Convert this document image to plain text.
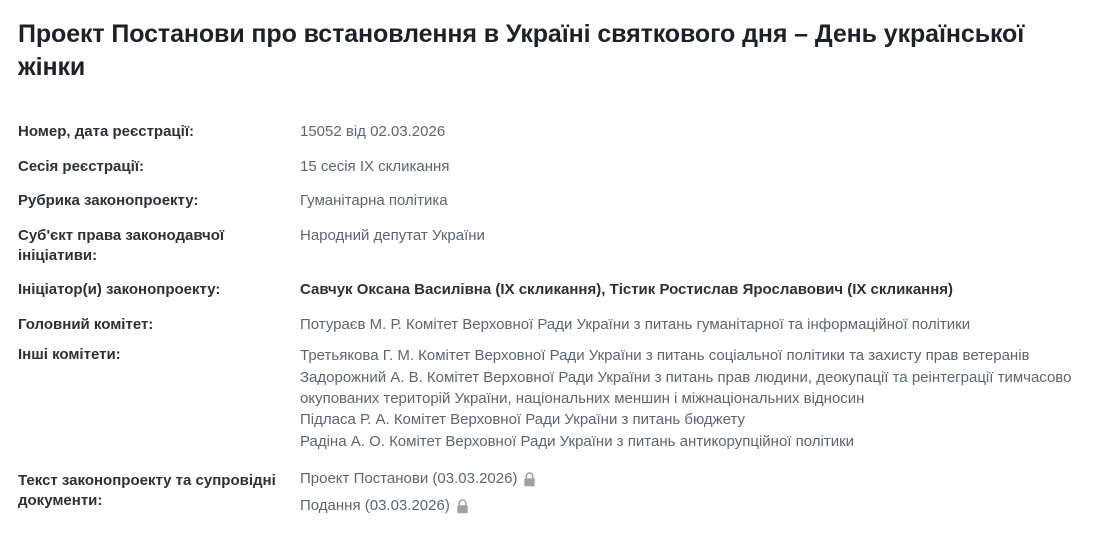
Проект Постанови про встановлення в Україні святкового дня – День української жінки
Номер, дата реєстрації:	15052 від 02.03.2026
Сесія реєстрації:	15 сесія IX скликання
Рубрика законопроекту:	Гуманітарна політика
Суб'єкт права законодавчої ініціативи:	Народний депутат України
Ініціатор(и) законопроекту:	Савчук Оксана Василівна (IX скликання), Тістик Ростислав Ярославович (IX скликання)
Головний комітет:	Потураєв М. Р. Комітет Верховної Ради України з питань гуманітарної та інформаційної політики
Інші комітети:	Третьякова Г. М. Комітет Верховної Ради України з питань соціальної політики та захисту прав ветеранів
Задорожний А. В. Комітет Верховної Ради України з питань прав людини, деокупації та реінтеграції тимчасово окупованих територій України, національних меншин і міжнаціональних відносин
Підласа Р. А. Комітет Верховної Ради України з питань бюджету
Радіна А. О. Комітет Верховної Ради України з питань антикорупційної політики

Текст законопроекту та супровідні документи:	Проект Постанови (03.03.2026)
Подання (03.03.2026)
